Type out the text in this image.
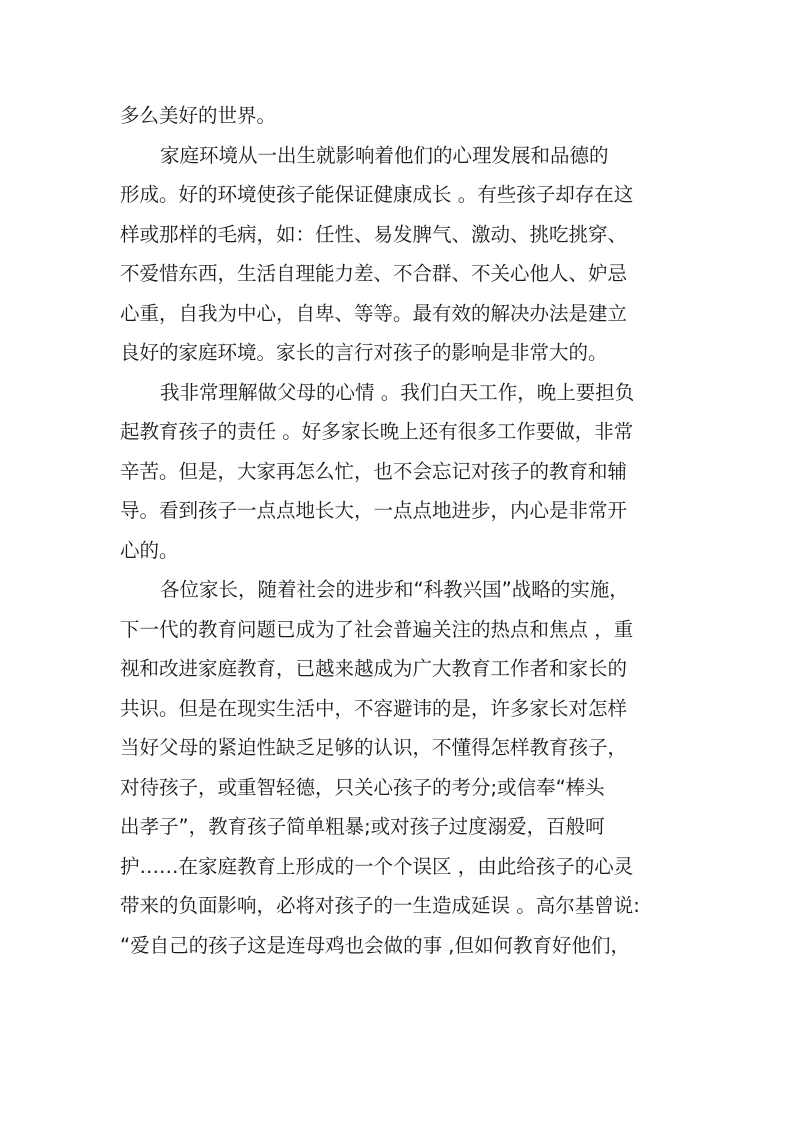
多么美好的世界。
家庭环境从一出生就影响着他们的心理发展和品德的
形成。好的环境使孩子能保证健康成长 。有些孩子却存在这
样或那样的毛病，如：任性、易发脾气、激动、挑吃挑穿、
不爱惜东西，生活自理能力差、不合群、不关心他人、妒忌
心重，自我为中心，自卑、等等。最有效的解决办法是建立
良好的家庭环境。家长的言行对孩子的影响是非常大的。
我非常理解做父母的心情 。我们白天工作，晚上要担负
起教育孩子的责任 。好多家长晚上还有很多工作要做，非常
辛苦。但是，大家再怎么忙，也不会忘记对孩子的教育和辅
导。看到孩子一点点地长大，一点点地进步，内心是非常开
心的。
各位家长，随着社会的进步和“科教兴国”战略的实施，
下一代的教育问题已成为了社会普遍关注的热点和焦点 ，重
视和改进家庭教育，已越来越成为广大教育工作者和家长的
共识。但是在现实生活中，不容避讳的是，许多家长对怎样
当好父母的紧迫性缺乏足够的认识，不懂得怎样教育孩子，
对待孩子，或重智轻德，只关心孩子的考分;或信奉“棒头
出孝子”，教育孩子简单粗暴;或对孩子过度溺爱，百般呵
护……在家庭教育上形成的一个个误区 ，由此给孩子的心灵
带来的负面影响，必将对孩子的一生造成延误 。高尔基曾说:
“爱自己的孩子这是连母鸡也会做的事 ,但如何教育好他们，
